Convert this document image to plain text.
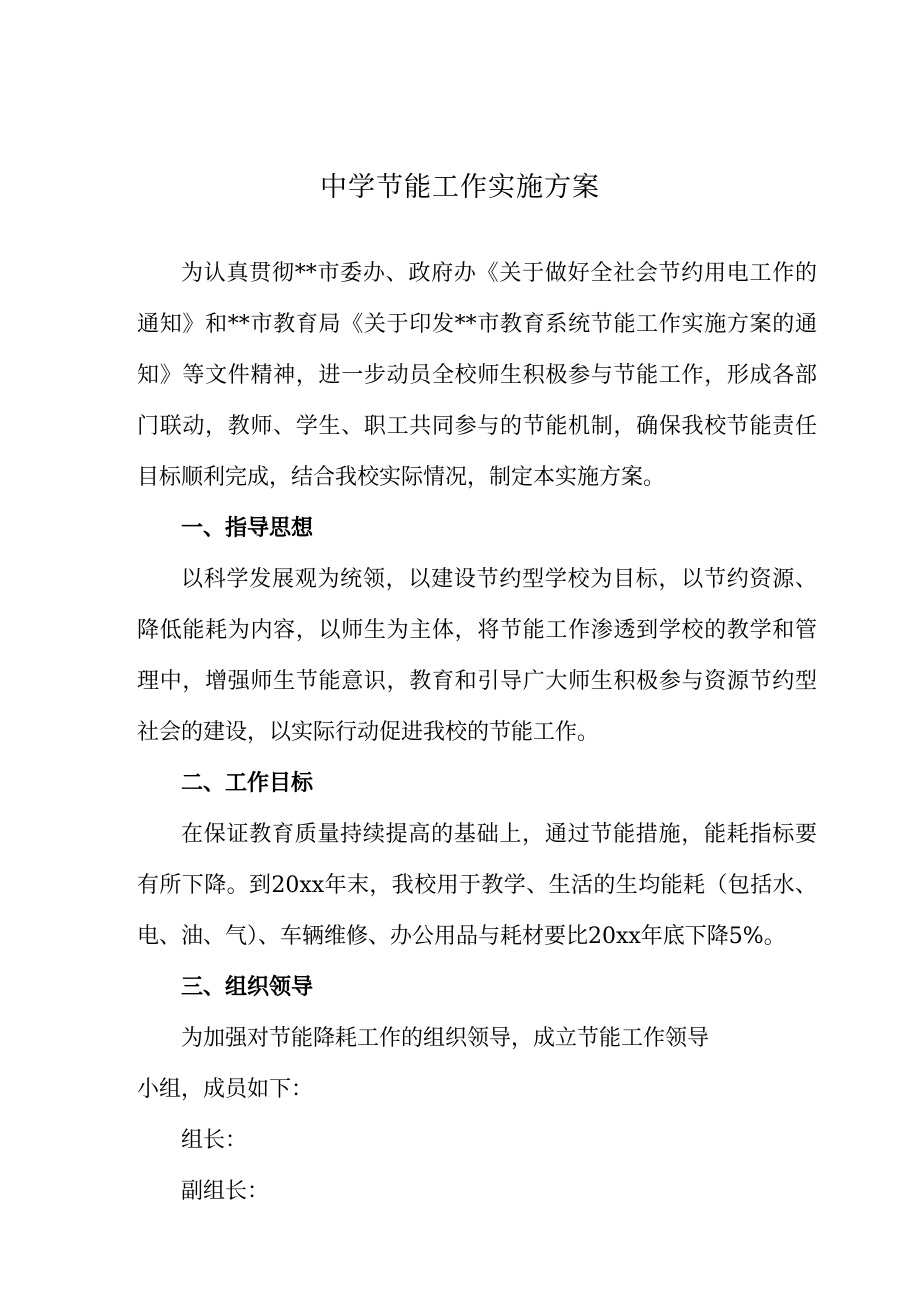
中学节能工作实施方案

为认真贯彻**市委办、政府办《关于做好全社会节约用电工作的通知》和**市教育局《关于印发**市教育系统节能工作实施方案的通知》等文件精神，进一步动员全校师生积极参与节能工作，形成各部门联动，教师、学生、职工共同参与的节能机制，确保我校节能责任目标顺利完成，结合我校实际情况，制定本实施方案。

一、指导思想

以科学发展观为统领，以建设节约型学校为目标，以节约资源、降低能耗为内容，以师生为主体，将节能工作渗透到学校的教学和管理中，增强师生节能意识，教育和引导广大师生积极参与资源节约型社会的建设，以实际行动促进我校的节能工作。

二、工作目标

在保证教育质量持续提高的基础上，通过节能措施，能耗指标要有所下降。到20xx年末，我校用于教学、生活的生均能耗（包括水、电、油、气）、车辆维修、办公用品与耗材要比20xx年底下降5%。

三、组织领导

为加强对节能降耗工作的组织领导，成立节能工作领导

小组，成员如下：

组长：

副组长：
